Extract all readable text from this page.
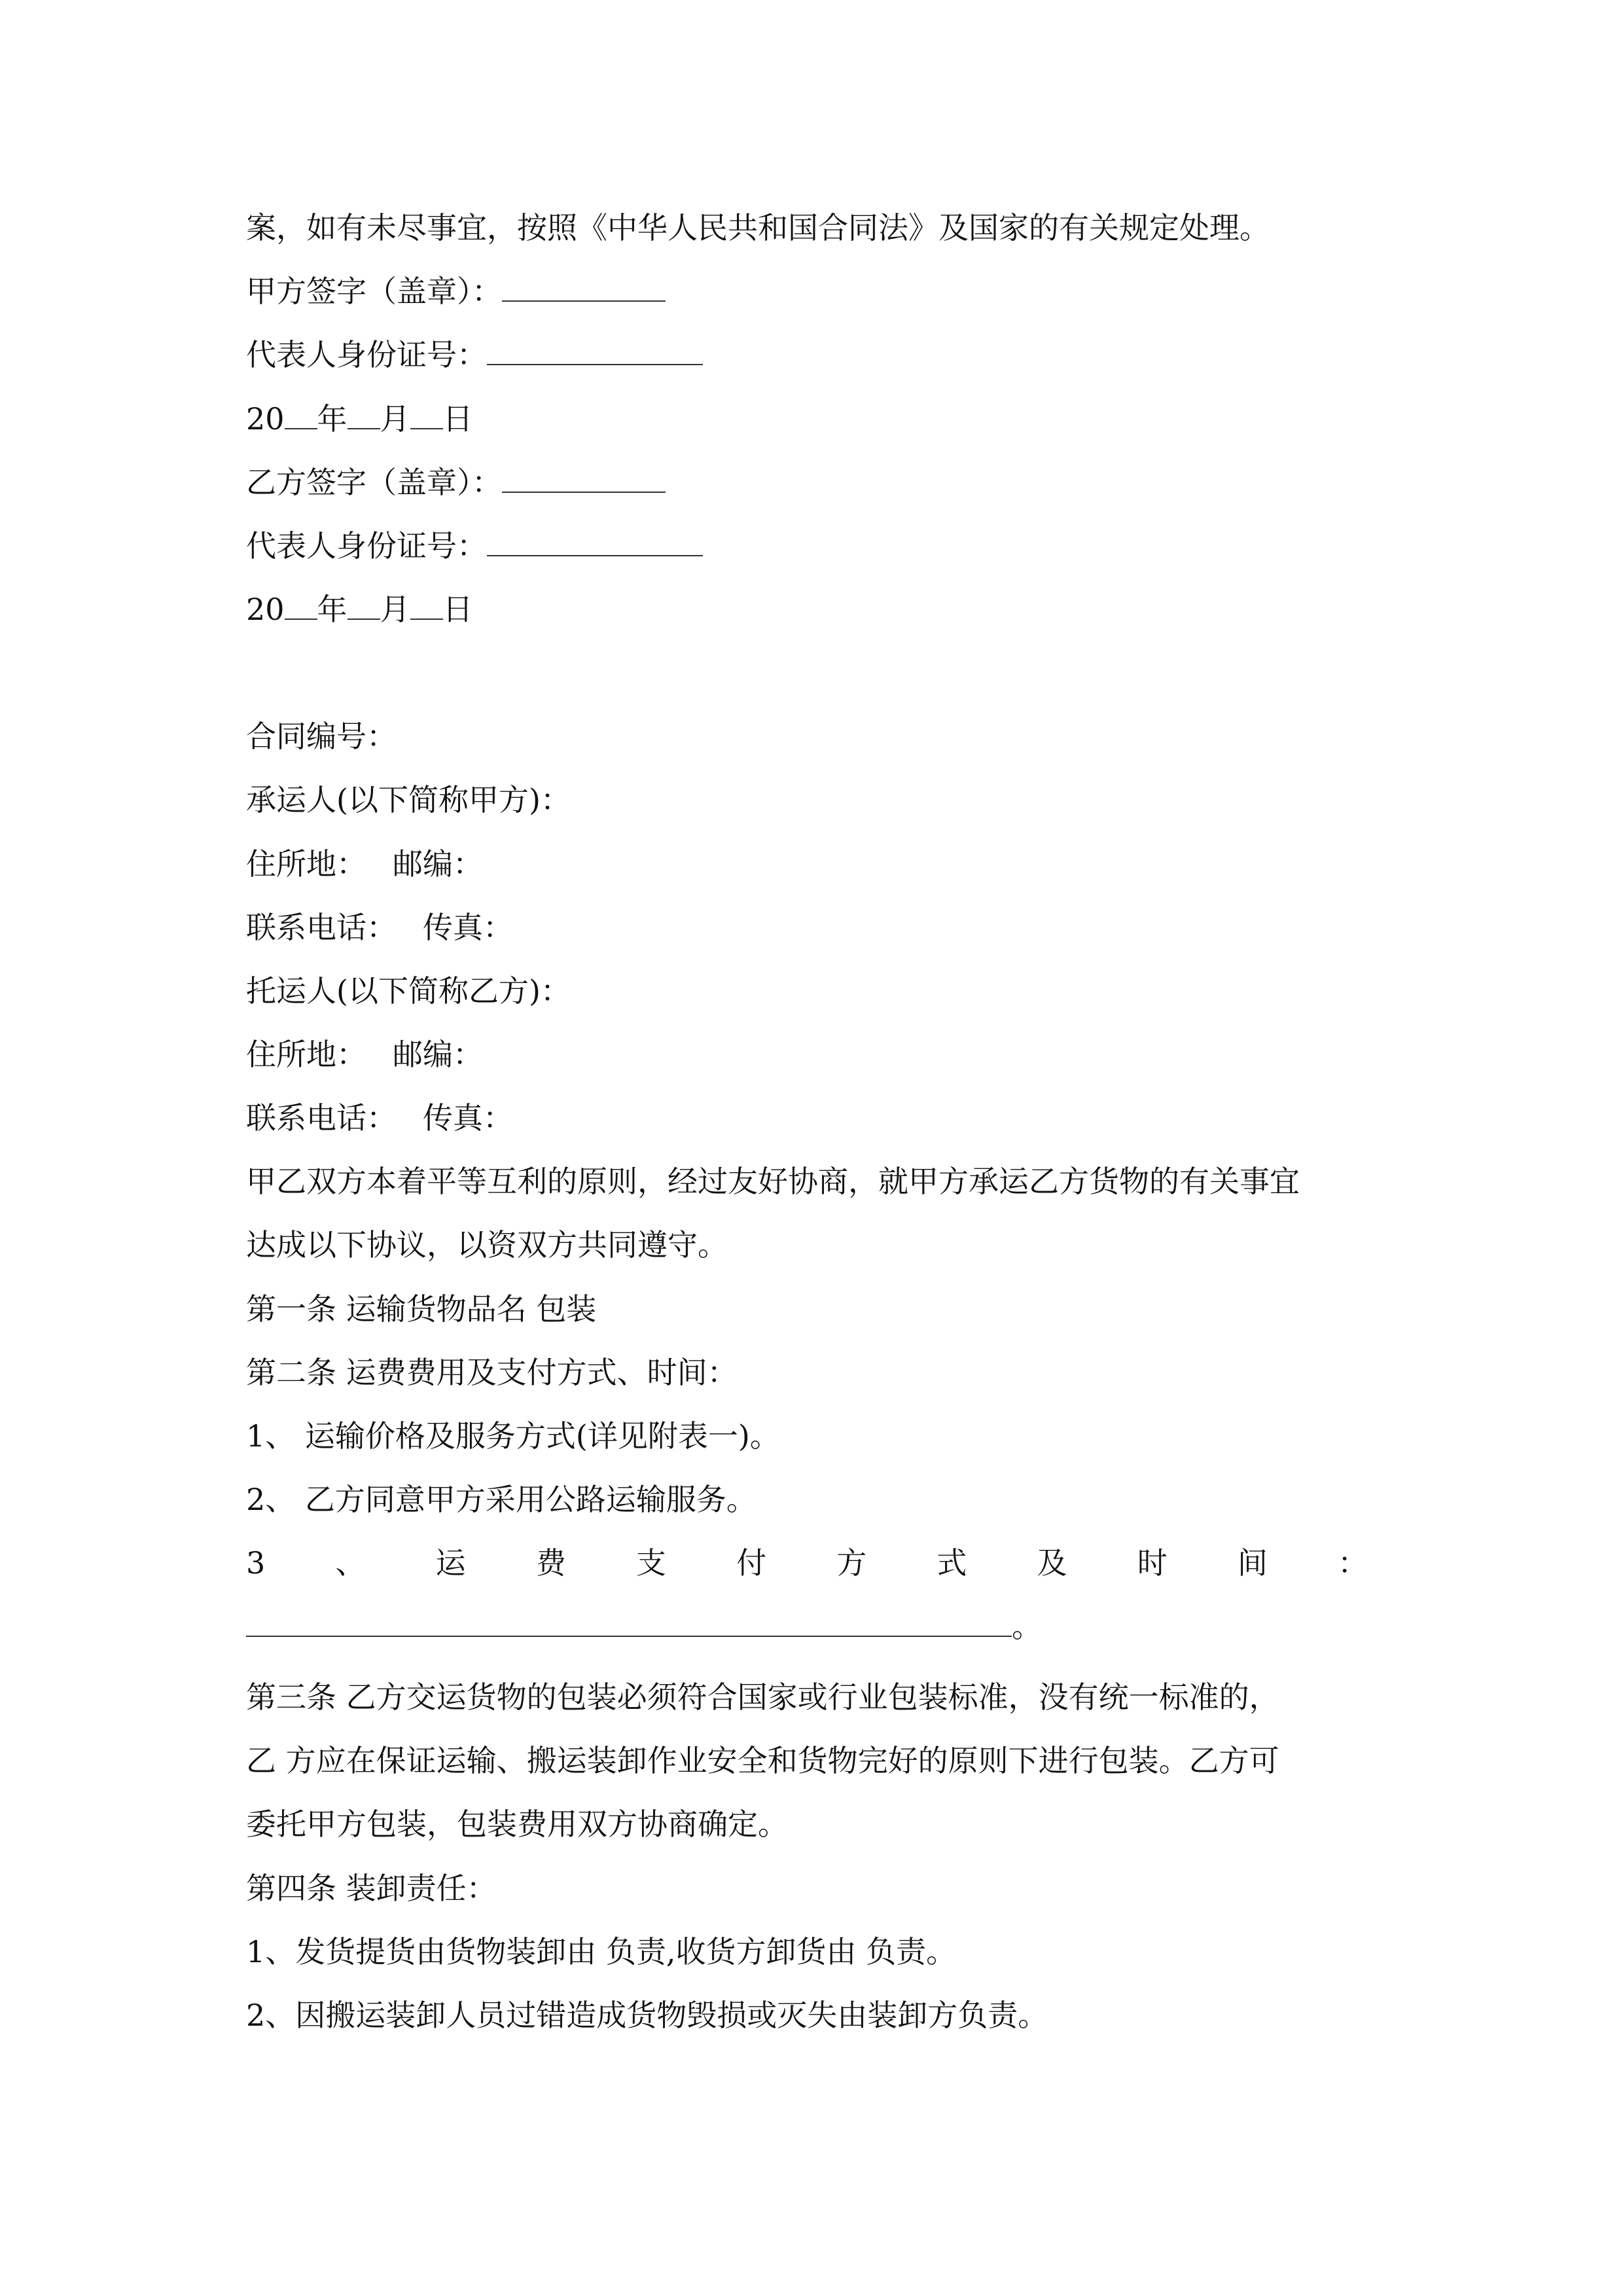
案，如有未尽事宜，按照《中华人民共和国合同法》及国家的有关规定处理。
甲方签字（盖章）：
代表人身份证号：
20 年 月 日
乙方签字（盖章）：
代表人身份证号：
20 年 月 日
合同编号：
承运人(以下简称甲方)：
住所地： 邮编：
联系电话： 传真：
托运人(以下简称乙方)：
住所地： 邮编：
联系电话： 传真：
甲乙双方本着平等互利的原则，经过友好协商，就甲方承运乙方货物的有关事宜
达成以下协议，以资双方共同遵守。
第一条 运输货物品名 包装
第二条 运费费用及支付方式、时间：
1、 运输价格及服务方式(详见附表一)。
2、 乙方同意甲方采用公路运输服务。
3 、 运 费 支 付 方 式 及 时 间 ：
。
第三条 乙方交运货物的包装必须符合国家或行业包装标准，没有统一标准的，
乙 方应在保证运输、搬运装卸作业安全和货物完好的原则下进行包装。乙方可
委托甲方包装，包装费用双方协商确定。
第四条 装卸责任：
1、发货提货由货物装卸由 负责,收货方卸货由 负责。
2、因搬运装卸人员过错造成货物毁损或灭失由装卸方负责。
